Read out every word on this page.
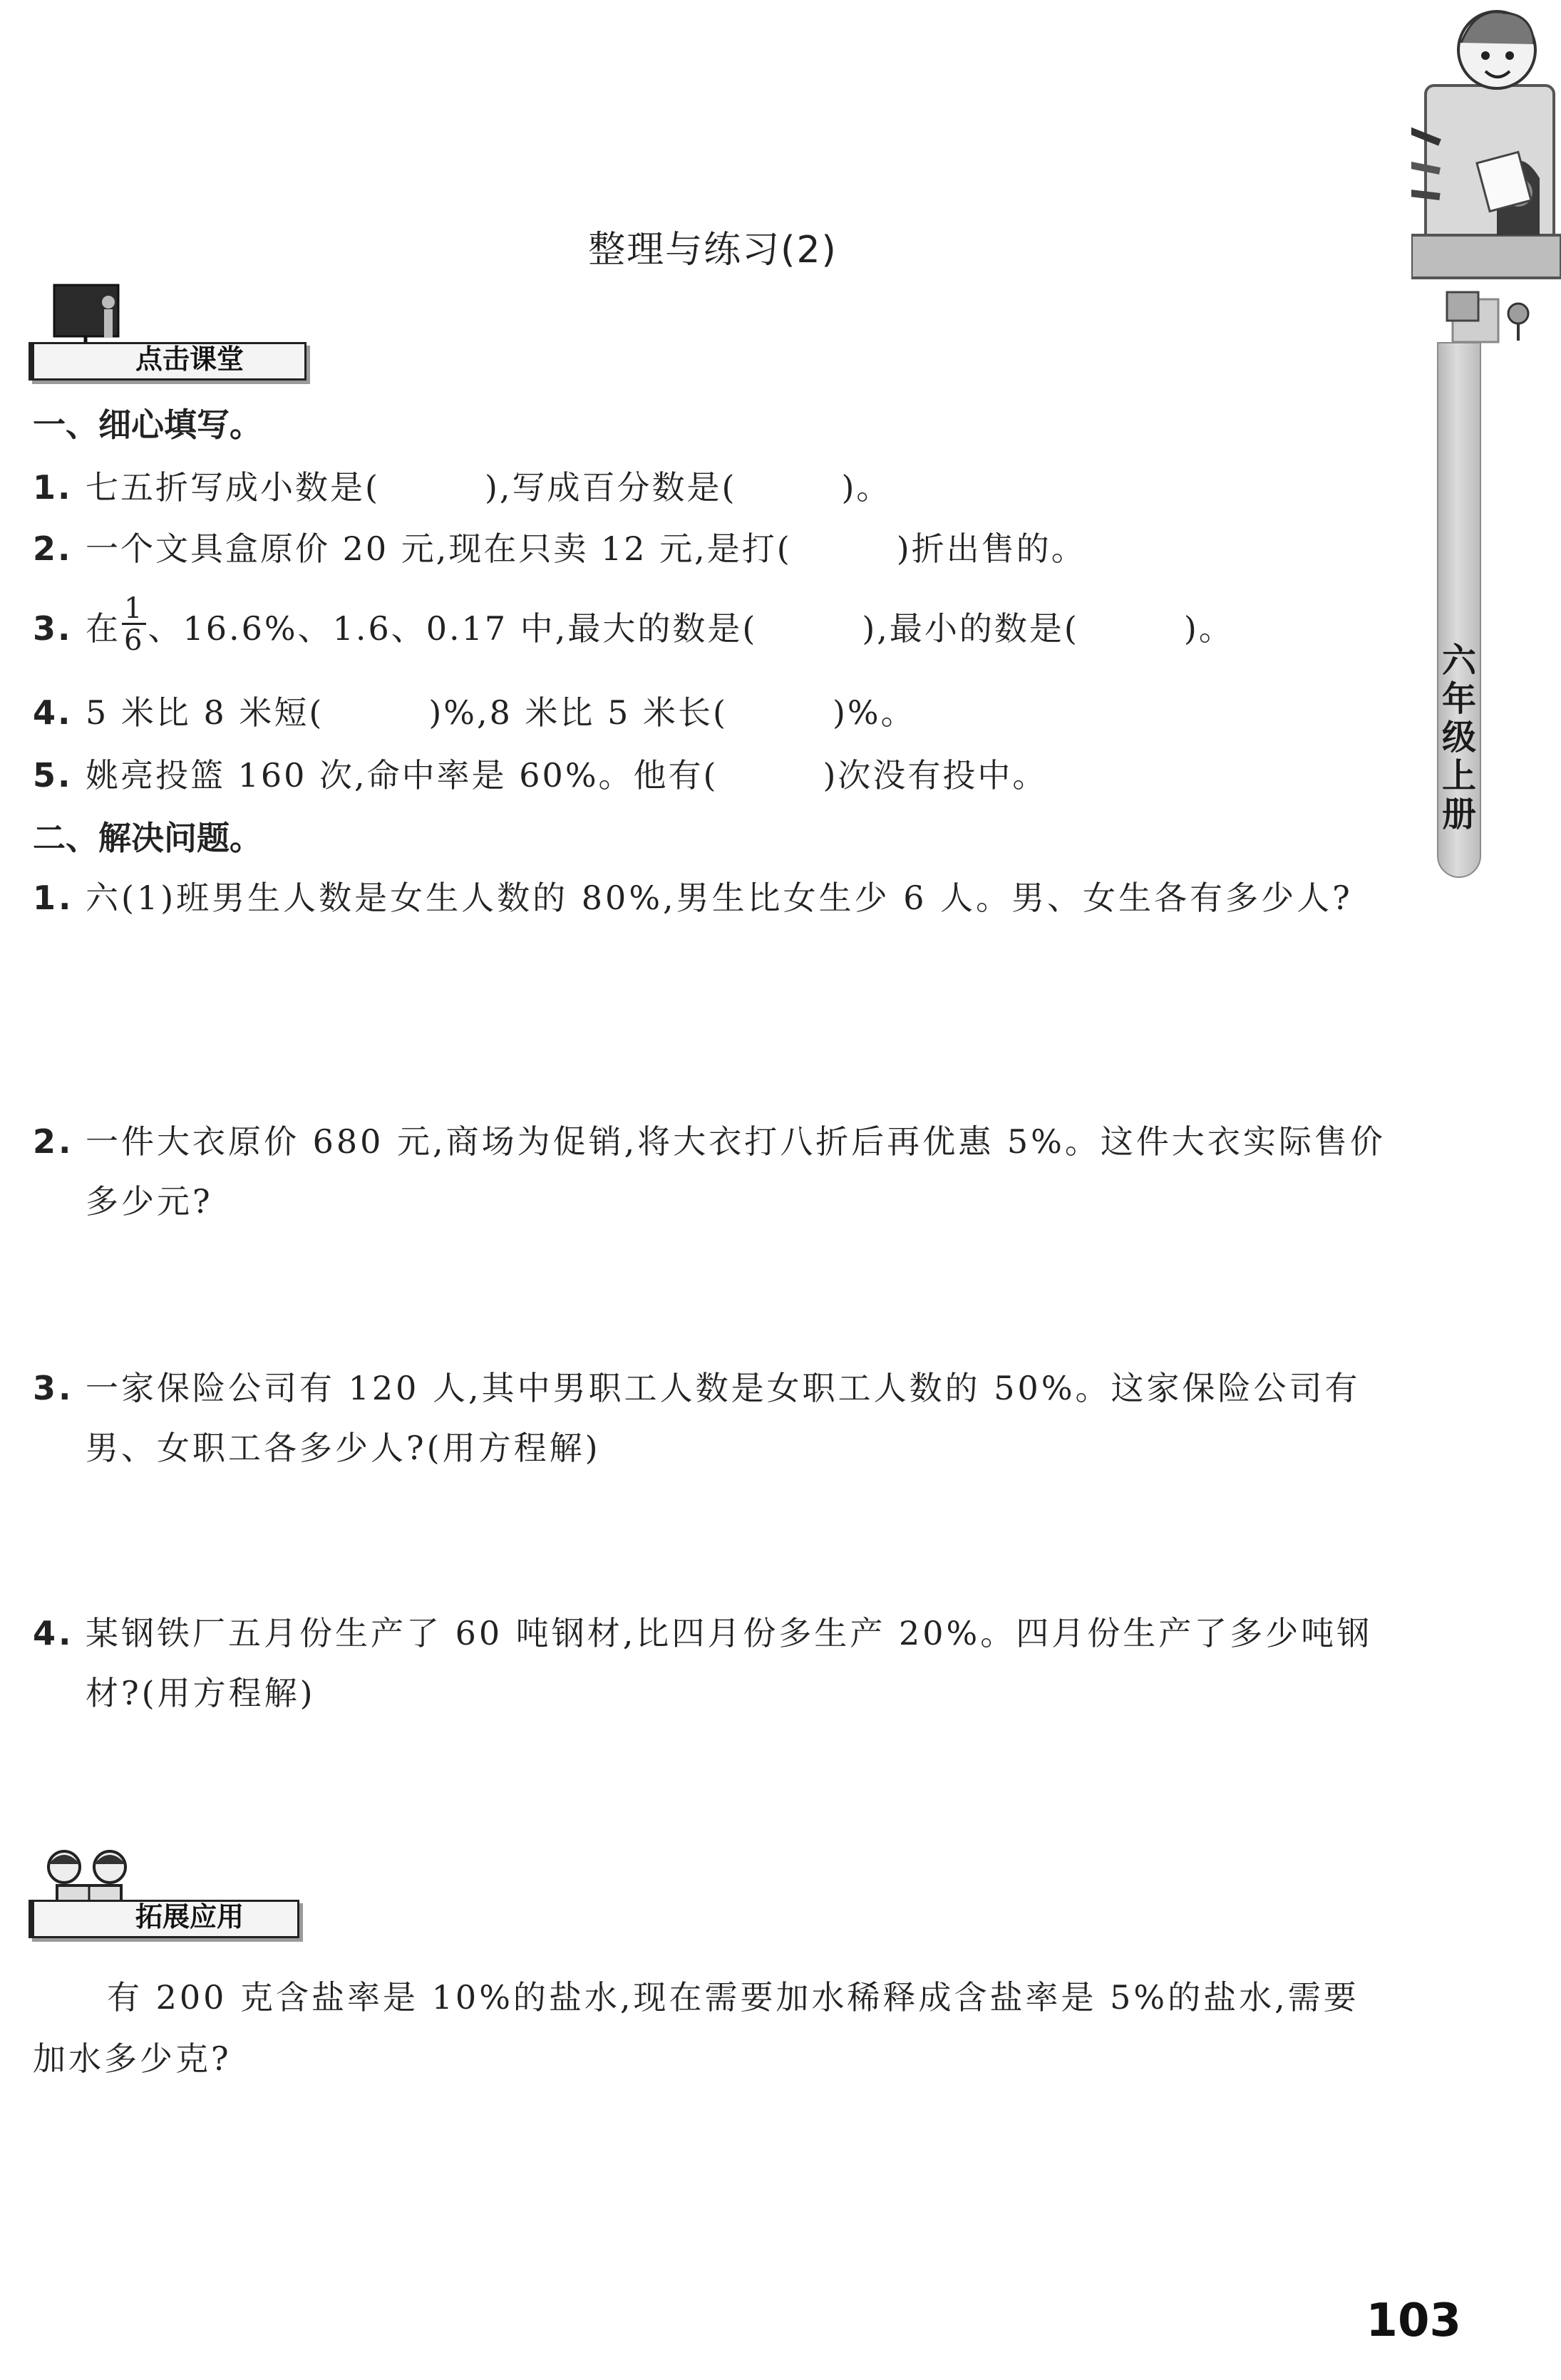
整理与练习(2)
六
年
级
上
册
点击课堂
一、细心填写。
1. 七五折写成小数是(　　　),写成百分数是(　　　)。
2. 一个文具盒原价 20 元,现在只卖 12 元,是打(　　　)折出售的。
3. 在 $\frac{1}{6}$ 、16.6%、1.6、0.17 中,最大的数是(　　　),最小的数是(　　　)。
4. 5 米比 8 米短(　　　)%,8 米比 5 米长(　　　)%。
5. 姚亮投篮 160 次,命中率是 60%。他有(　　　)次没有投中。
二、解决问题。
1. 六(1)班男生人数是女生人数的 80%,男生比女生少 6 人。男、女生各有多少人?
2. 一件大衣原价 680 元,商场为促销,将大衣打八折后再优惠 5%。这件大衣实际售价多少元?
3. 一家保险公司有 120 人,其中男职工人数是女职工人数的 50%。这家保险公司有男、女职工各多少人?(用方程解)
4. 某钢铁厂五月份生产了 60 吨钢材,比四月份多生产 20%。四月份生产了多少吨钢材?(用方程解)
拓展应用
有 200 克含盐率是 10%的盐水,现在需要加水稀释成含盐率是 5%的盐水,需要加水多少克?
103
